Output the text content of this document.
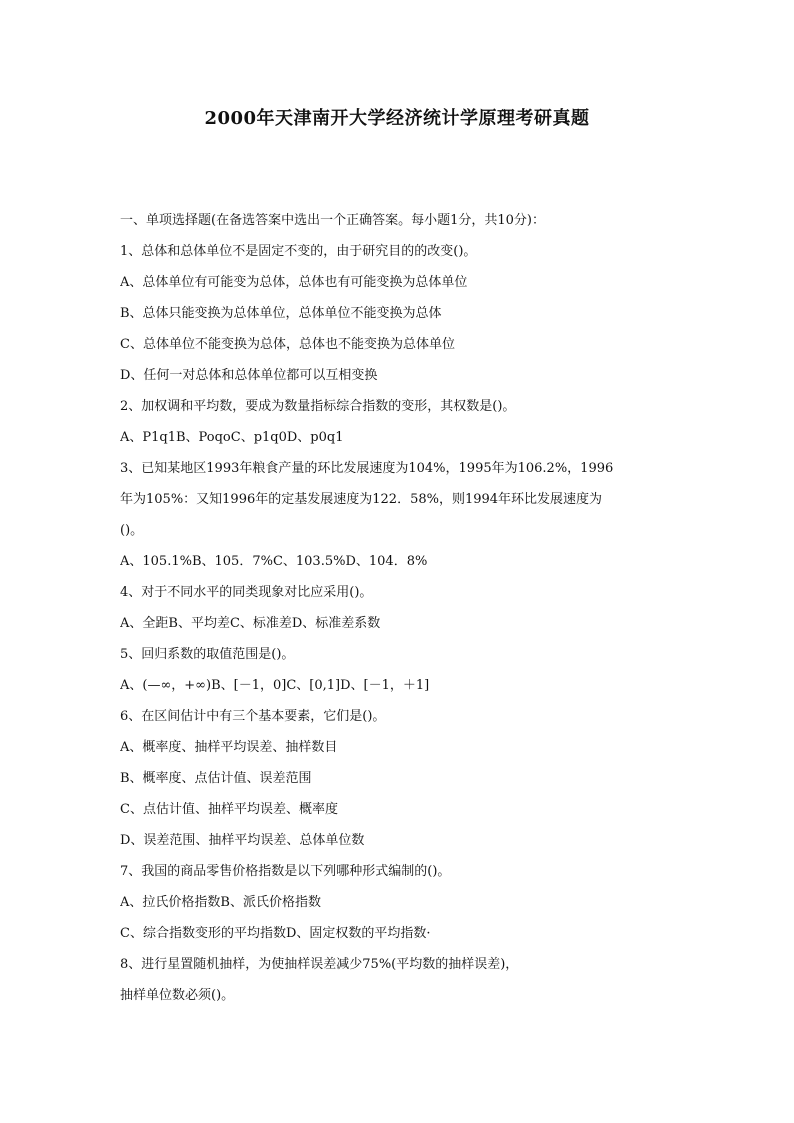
2000年天津南开大学经济统计学原理考研真题
一、单项选择题(在备选答案中选出一个正确答案。每小题1分，共10分)：
1、总体和总体单位不是固定不变的，由于研究目的的改变()。
A、总体单位有可能变为总体，总体也有可能变换为总体单位
B、总体只能变换为总体单位，总体单位不能变换为总体
C、总体单位不能变换为总体，总体也不能变换为总体单位
D、任何一对总体和总体单位都可以互相变换
2、加权调和平均数，要成为数量指标综合指数的变形，其权数是()。
A、P1q1B、PoqoC、p1q0D、p0q1
3、已知某地区1993年粮食产量的环比发展速度为104%，1995年为106.2%，1996
年为105%：又知1996年的定基发展速度为122．58%，则1994年环比发展速度为
()。
A、105.1%B、105．7%C、103.5%D、104．8%
4、对于不同水平的同类现象对比应采用()。
A、全距B、平均差C、标准差D、标准差系数
5、回归系数的取值范围是()。
A、(—∞，+∞)B、[－1，0]C、[0,1]D、[－1，＋1]
6、在区间估计中有三个基本要素，它们是()。
A、概率度、抽样平均误差、抽样数目
B、概率度、点估计值、误差范围
C、点估计值、抽样平均误差、概率度
D、误差范围、抽样平均误差、总体单位数
7、我国的商品零售价格指数是以下列哪种形式编制的()。
A、拉氏价格指数B、派氏价格指数
C、综合指数变形的平均指数D、固定权数的平均指数·
8、进行星置随机抽样，为使抽样误差减少75%(平均数的抽样误差)，
抽样单位数必须()。
